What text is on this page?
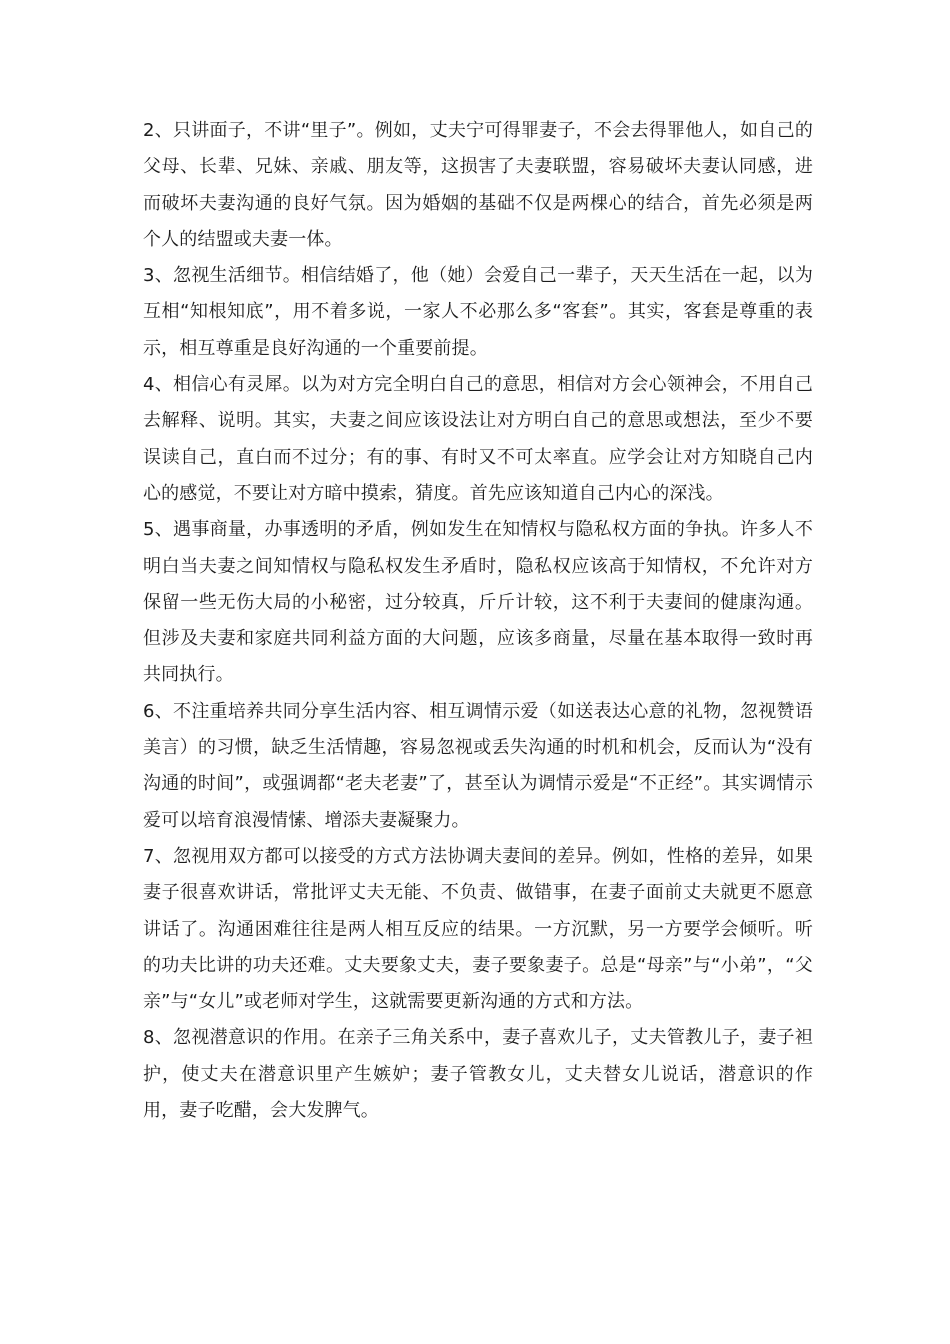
2、只讲面子，不讲“里子”。例如，丈夫宁可得罪妻子，不会去得罪他人，如自己的父母、长辈、兄妹、亲戚、朋友等，这损害了夫妻联盟，容易破坏夫妻认同感，进而破坏夫妻沟通的良好气氛。因为婚姻的基础不仅是两棵心的结合，首先必须是两个人的结盟或夫妻一体。

3、忽视生活细节。相信结婚了，他（她）会爱自己一辈子，天天生活在一起，以为互相“知根知底”，用不着多说，一家人不必那么多“客套”。其实，客套是尊重的表示，相互尊重是良好沟通的一个重要前提。

4、相信心有灵犀。以为对方完全明白自己的意思，相信对方会心领神会，不用自己去解释、说明。其实，夫妻之间应该设法让对方明白自己的意思或想法，至少不要误读自己，直白而不过分；有的事、有时又不可太率直。应学会让对方知晓自己内心的感觉，不要让对方暗中摸索，猜度。首先应该知道自己内心的深浅。

5、遇事商量，办事透明的矛盾，例如发生在知情权与隐私权方面的争执。许多人不明白当夫妻之间知情权与隐私权发生矛盾时，隐私权应该高于知情权，不允许对方保留一些无伤大局的小秘密，过分较真，斤斤计较，这不利于夫妻间的健康沟通。但涉及夫妻和家庭共同利益方面的大问题，应该多商量，尽量在基本取得一致时再共同执行。

6、不注重培养共同分享生活内容、相互调情示爱（如送表达心意的礼物，忽视赞语美言）的习惯，缺乏生活情趣，容易忽视或丢失沟通的时机和机会，反而认为“没有沟通的时间”，或强调都“老夫老妻”了，甚至认为调情示爱是“不正经”。其实调情示爱可以培育浪漫情愫、增添夫妻凝聚力。

7、忽视用双方都可以接受的方式方法协调夫妻间的差异。例如，性格的差异，如果妻子很喜欢讲话，常批评丈夫无能、不负责、做错事，在妻子面前丈夫就更不愿意讲话了。沟通困难往往是两人相互反应的结果。一方沉默，另一方要学会倾听。听的功夫比讲的功夫还难。丈夫要象丈夫，妻子要象妻子。总是“母亲”与“小弟”，“父亲”与“女儿”或老师对学生，这就需要更新沟通的方式和方法。

8、忽视潜意识的作用。在亲子三角关系中，妻子喜欢儿子，丈夫管教儿子，妻子袒护，使丈夫在潜意识里产生嫉妒；妻子管教女儿，丈夫替女儿说话，潜意识的作用，妻子吃醋，会大发脾气。
